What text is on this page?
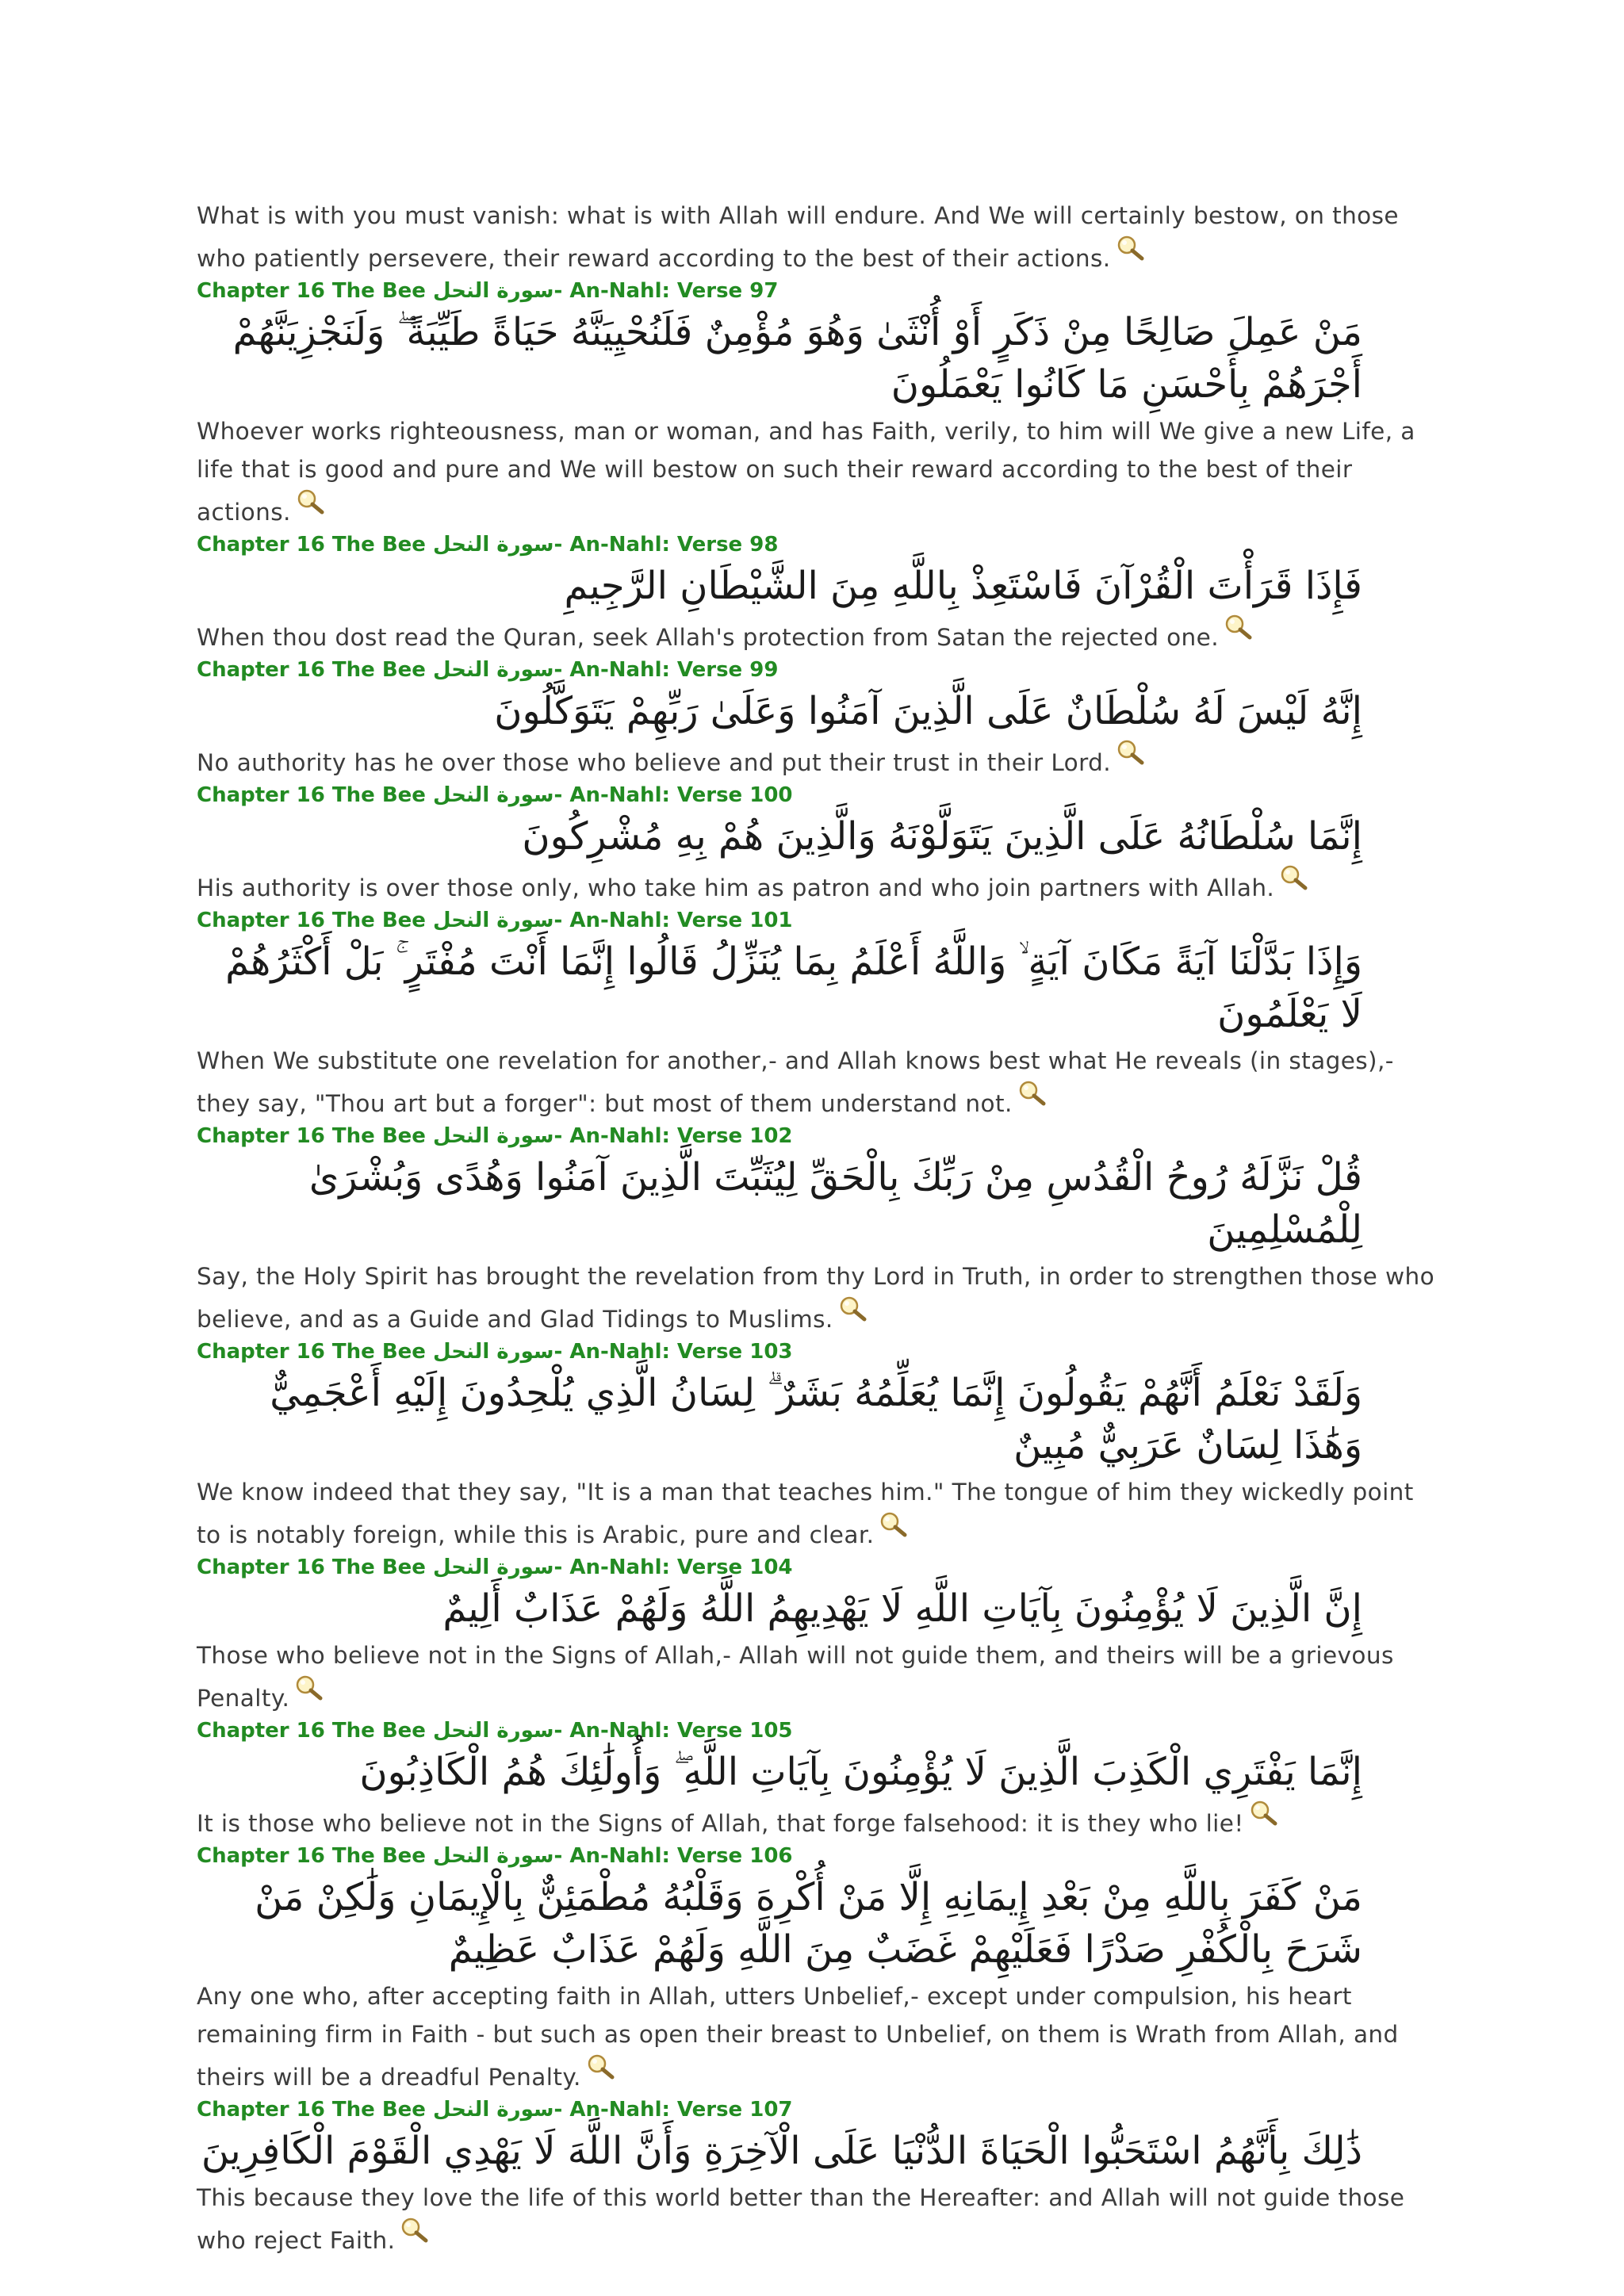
What is with you must vanish: what is with Allah will endure. And We will certainly bestow, on those who patiently persevere, their reward according to the best of their actions.

Chapter 16 The Bee سورة النحل- An-Nahl: Verse 97
مَنْ عَمِلَ صَالِحًا مِنْ ذَكَرٍ أَوْ أُنْثَىٰ وَهُوَ مُؤْمِنٌ فَلَنُحْيِيَنَّهُ حَيَاةً طَيِّبَةً ۖ وَلَنَجْزِيَنَّهُمْ أَجْرَهُمْ بِأَحْسَنِ مَا كَانُوا يَعْمَلُونَ

Whoever works righteousness, man or woman, and has Faith, verily, to him will We give a new Life, a life that is good and pure and We will bestow on such their reward according to the best of their actions.

Chapter 16 The Bee سورة النحل- An-Nahl: Verse 98
فَإِذَا قَرَأْتَ الْقُرْآنَ فَاسْتَعِذْ بِاللَّهِ مِنَ الشَّيْطَانِ الرَّجِيمِ

When thou dost read the Quran, seek Allah's protection from Satan the rejected one.

Chapter 16 The Bee سورة النحل- An-Nahl: Verse 99
إِنَّهُ لَيْسَ لَهُ سُلْطَانٌ عَلَى الَّذِينَ آمَنُوا وَعَلَىٰ رَبِّهِمْ يَتَوَكَّلُونَ

No authority has he over those who believe and put their trust in their Lord.

Chapter 16 The Bee سورة النحل- An-Nahl: Verse 100
إِنَّمَا سُلْطَانُهُ عَلَى الَّذِينَ يَتَوَلَّوْنَهُ وَالَّذِينَ هُمْ بِهِ مُشْرِكُونَ

His authority is over those only, who take him as patron and who join partners with Allah.

Chapter 16 The Bee سورة النحل- An-Nahl: Verse 101
وَإِذَا بَدَّلْنَا آيَةً مَكَانَ آيَةٍ ۙ وَاللَّهُ أَعْلَمُ بِمَا يُنَزِّلُ قَالُوا إِنَّمَا أَنْتَ مُفْتَرٍ ۚ بَلْ أَكْثَرُهُمْ لَا يَعْلَمُونَ

When We substitute one revelation for another,- and Allah knows best what He reveals (in stages),- they say, "Thou art but a forger": but most of them understand not.

Chapter 16 The Bee سورة النحل- An-Nahl: Verse 102
قُلْ نَزَّلَهُ رُوحُ الْقُدُسِ مِنْ رَبِّكَ بِالْحَقِّ لِيُثَبِّتَ الَّذِينَ آمَنُوا وَهُدًى وَبُشْرَىٰ لِلْمُسْلِمِينَ

Say, the Holy Spirit has brought the revelation from thy Lord in Truth, in order to strengthen those who believe, and as a Guide and Glad Tidings to Muslims.

Chapter 16 The Bee سورة النحل- An-Nahl: Verse 103
وَلَقَدْ نَعْلَمُ أَنَّهُمْ يَقُولُونَ إِنَّمَا يُعَلِّمُهُ بَشَرٌ ۗ لِسَانُ الَّذِي يُلْحِدُونَ إِلَيْهِ أَعْجَمِيٌّ وَهَٰذَا لِسَانٌ عَرَبِيٌّ مُبِينٌ

We know indeed that they say, "It is a man that teaches him." The tongue of him they wickedly point to is notably foreign, while this is Arabic, pure and clear.

Chapter 16 The Bee سورة النحل- An-Nahl: Verse 104
إِنَّ الَّذِينَ لَا يُؤْمِنُونَ بِآيَاتِ اللَّهِ لَا يَهْدِيهِمُ اللَّهُ وَلَهُمْ عَذَابٌ أَلِيمٌ

Those who believe not in the Signs of Allah,- Allah will not guide them, and theirs will be a grievous Penalty.

Chapter 16 The Bee سورة النحل- An-Nahl: Verse 105
إِنَّمَا يَفْتَرِي الْكَذِبَ الَّذِينَ لَا يُؤْمِنُونَ بِآيَاتِ اللَّهِ ۖ وَأُولَٰئِكَ هُمُ الْكَاذِبُونَ

It is those who believe not in the Signs of Allah, that forge falsehood: it is they who lie!

Chapter 16 The Bee سورة النحل- An-Nahl: Verse 106
مَنْ كَفَرَ بِاللَّهِ مِنْ بَعْدِ إِيمَانِهِ إِلَّا مَنْ أُكْرِهَ وَقَلْبُهُ مُطْمَئِنٌّ بِالْإِيمَانِ وَلَٰكِنْ مَنْ شَرَحَ بِالْكُفْرِ صَدْرًا فَعَلَيْهِمْ غَضَبٌ مِنَ اللَّهِ وَلَهُمْ عَذَابٌ عَظِيمٌ

Any one who, after accepting faith in Allah, utters Unbelief,- except under compulsion, his heart remaining firm in Faith - but such as open their breast to Unbelief, on them is Wrath from Allah, and theirs will be a dreadful Penalty.

Chapter 16 The Bee سورة النحل- An-Nahl: Verse 107
ذَٰلِكَ بِأَنَّهُمُ اسْتَحَبُّوا الْحَيَاةَ الدُّنْيَا عَلَى الْآخِرَةِ وَأَنَّ اللَّهَ لَا يَهْدِي الْقَوْمَ الْكَافِرِينَ

This because they love the life of this world better than the Hereafter: and Allah will not guide those who reject Faith.
